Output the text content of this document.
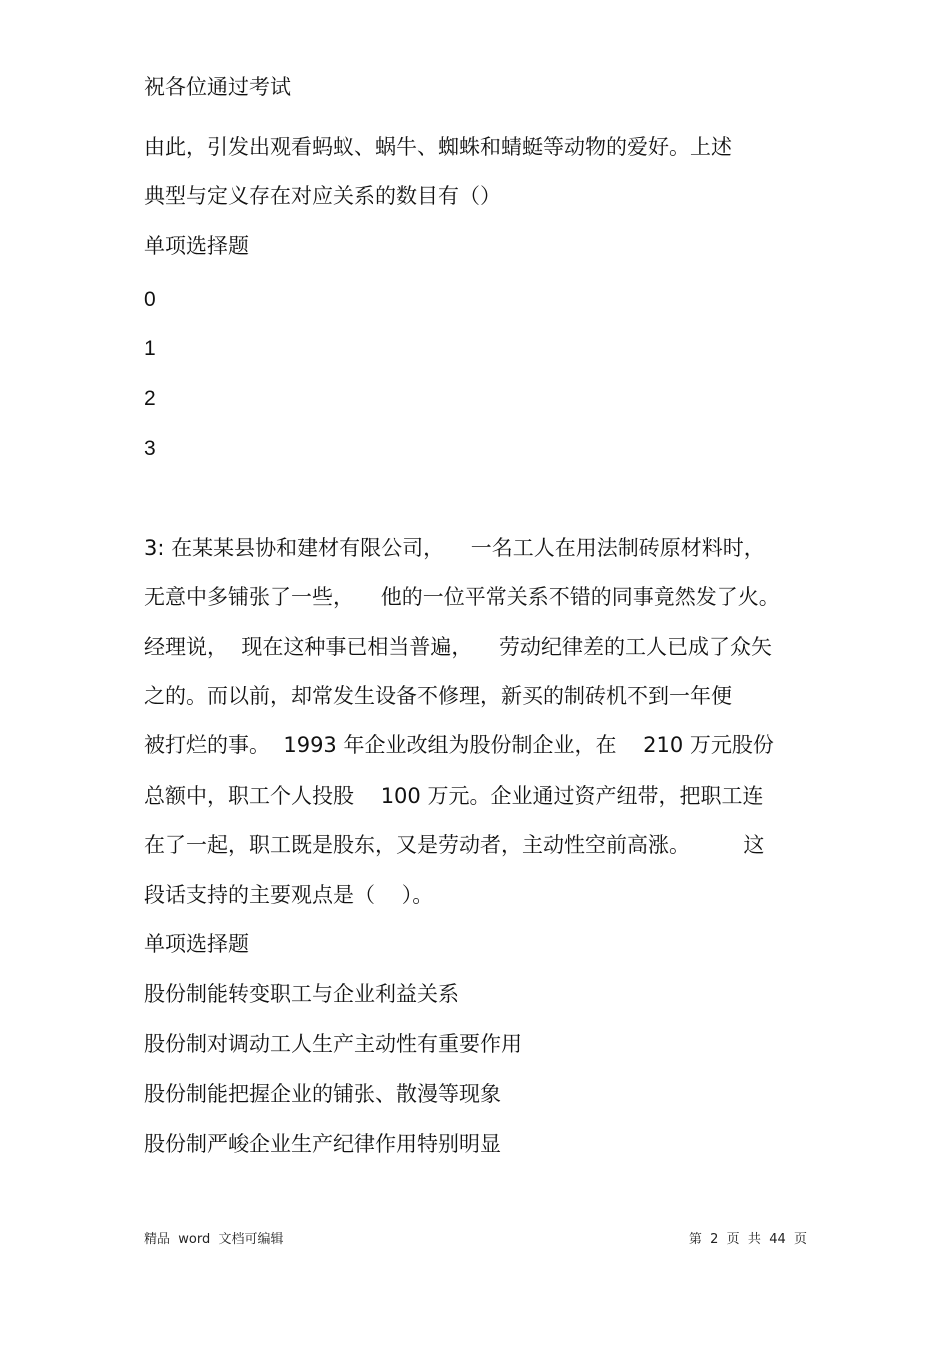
祝各位通过考试
由此，引发出观看蚂蚁、蜗牛、蜘蛛和蜻蜓等动物的爱好。上述
典型与定义存在对应关系的数目有（）
单项选择题
0
1
2
3
3: 在某某县协和建材有限公司，    一名工人在用法制砖原材料时，
无意中多铺张了一些，    他的一位平常关系不错的同事竟然发了火。
经理说，  现在这种事已相当普遍，    劳动纪律差的工人已成了众矢
之的。而以前，却常发生设备不修理，新买的制砖机不到一年便
被打烂的事。  1993 年企业改组为股份制企业，在    210 万元股份
总额中，职工个人投股    100 万元。企业通过资产纽带，把职工连
在了一起，职工既是股东，又是劳动者，主动性空前高涨。        这
段话支持的主要观点是（    ）。
单项选择题
股份制能转变职工与企业利益关系
股份制对调动工人生产主动性有重要作用
股份制能把握企业的铺张、散漫等现象
股份制严峻企业生产纪律作用特别明显
精品  word  文档可编辑	第  2  页  共  44  页
